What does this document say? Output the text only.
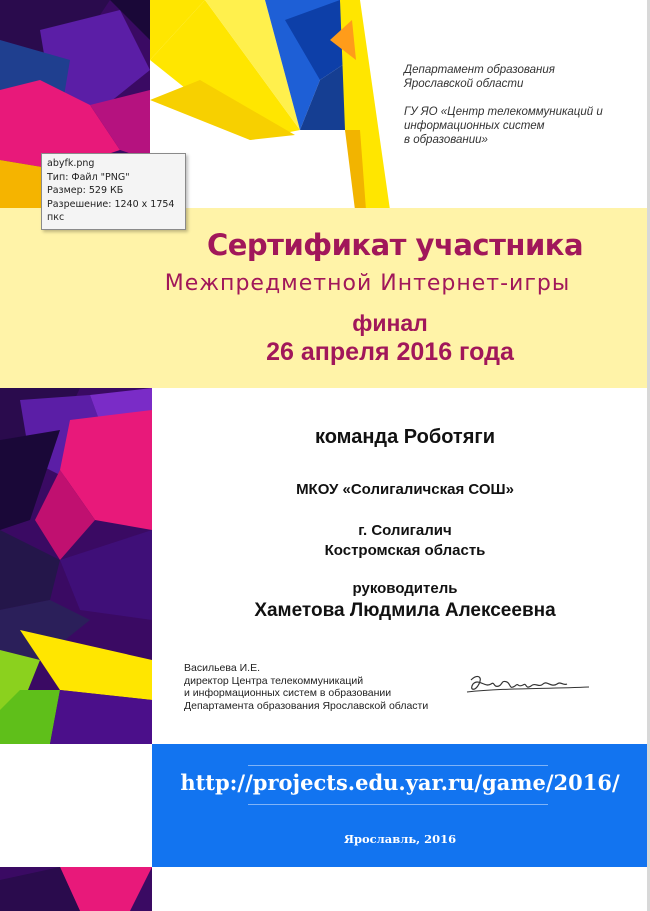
Департамент образования
Ярославской области
ГУ ЯО «Центр телекоммуникаций и
информационных систем
в образовании»
Сертификат участника
Межпредметной Интернет-игры
финал
26 апреля 2016 года
команда Роботяги
МКОУ «Солигаличская СОШ»
г. Солигалич
Костромская область
руководитель
Хаметова Людмила Алексеевна
Васильева И.Е.
директор Центра телекоммуникаций
и информационных систем в образовании
Департамента образования Ярославской области
http://projects.edu.yar.ru/game/2016/
Ярославль, 2016
abyfk.png
Тип: Файл "PNG"
Размер: 529 КБ
Разрешение: 1240 x 1754
пкс
